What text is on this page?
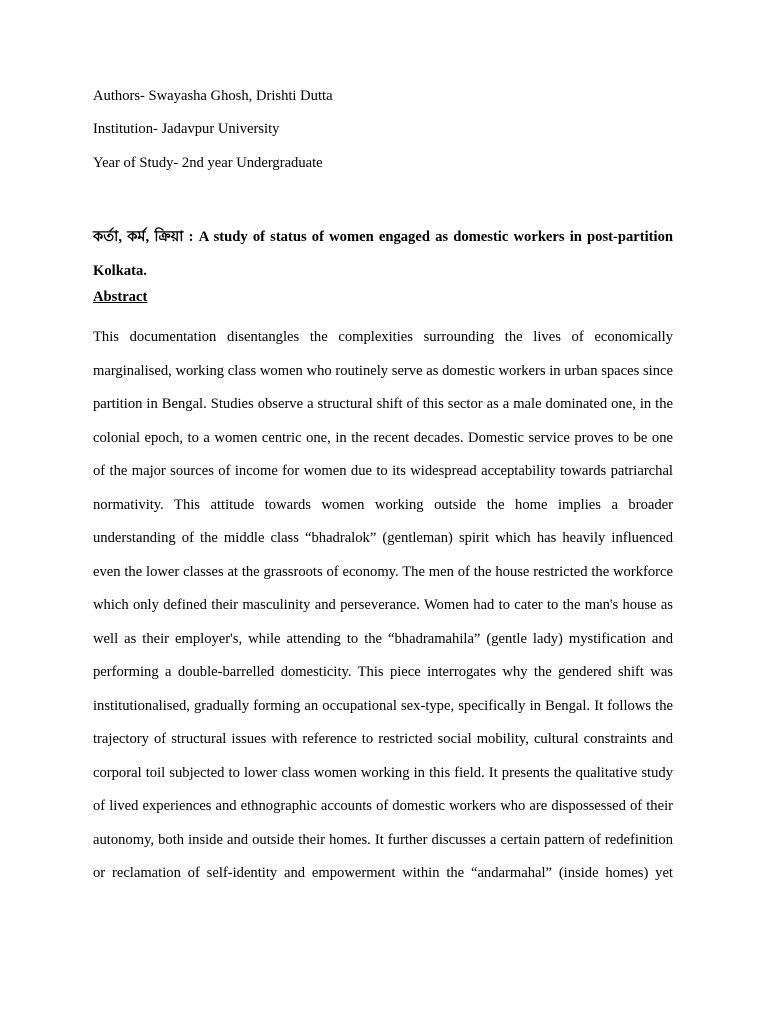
Authors- Swayasha Ghosh, Drishti Dutta
Institution- Jadavpur University
Year of Study- 2nd year Undergraduate
কর্তা, কর্ম, ক্রিয়া : A study of status of women engaged as domestic workers in post-partition Kolkata.
Abstract

This documentation disentangles the complexities surrounding the lives of economically marginalised, working class women who routinely serve as domestic workers in urban spaces since partition in Bengal. Studies observe a structural shift of this sector as a male dominated one, in the colonial epoch, to a women centric one, in the recent decades. Domestic service proves to be one of the major sources of income for women due to its widespread acceptability towards patriarchal normativity. This attitude towards women working outside the home implies a broader understanding of the middle class “bhadralok” (gentleman) spirit which has heavily influenced even the lower classes at the grassroots of economy. The men of the house restricted the workforce which only defined their masculinity and perseverance. Women had to cater to the man's house as well as their employer's, while attending to the “bhadramahila” (gentle lady) mystification and performing a double-barrelled domesticity. This piece interrogates why the gendered shift was institutionalised, gradually forming an occupational sex-type, specifically in Bengal. It follows the trajectory of structural issues with reference to restricted social mobility, cultural constraints and corporal toil subjected to lower class women working in this field. It presents the qualitative study of lived experiences and ethnographic accounts of domestic workers who are dispossessed of their autonomy, both inside and outside their homes. It further discusses a certain pattern of redefinition or reclamation of self-identity and empowerment within the “andarmahal” (inside homes) yet
